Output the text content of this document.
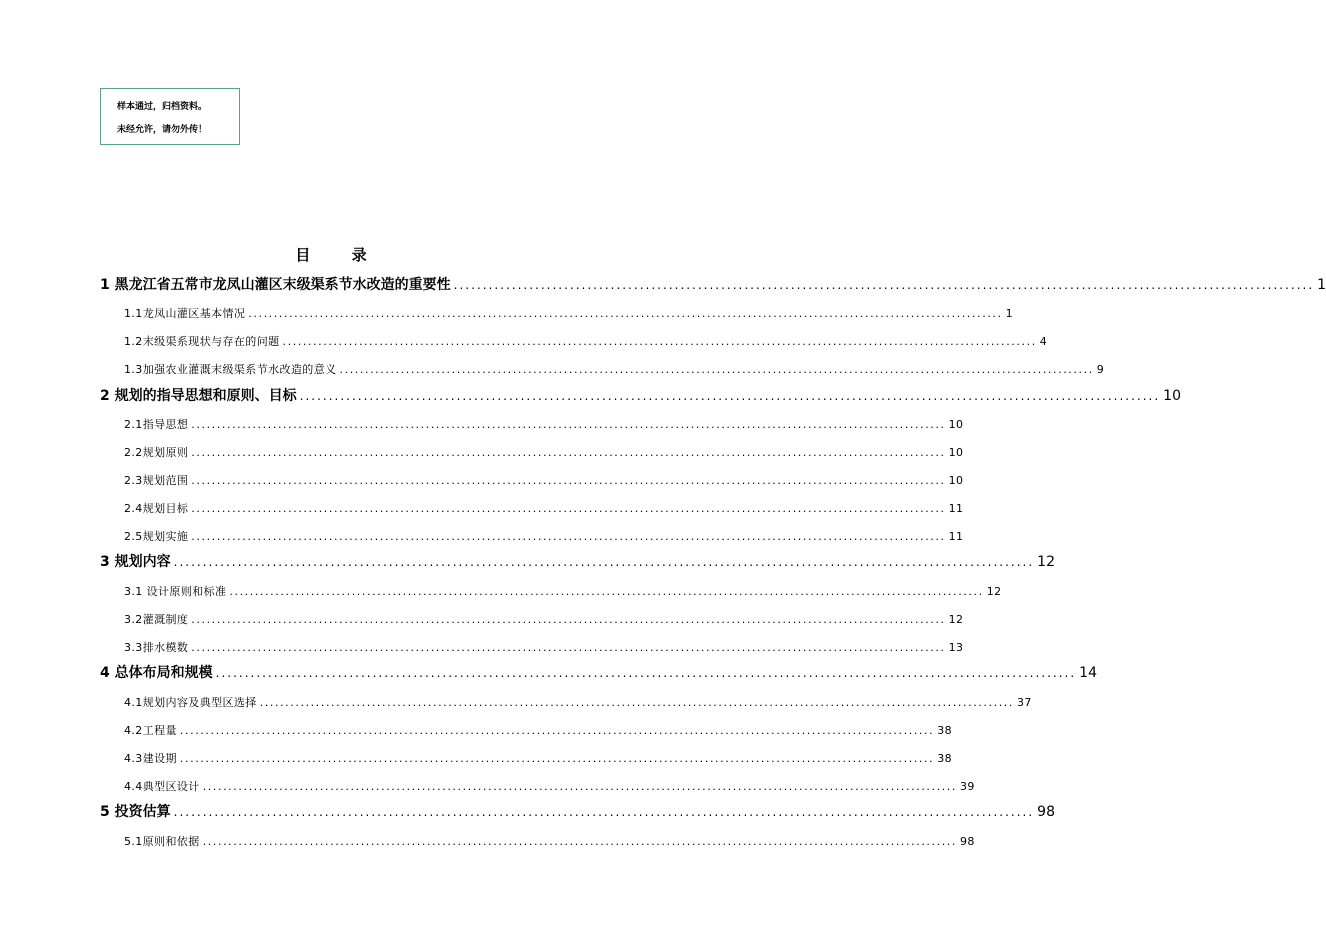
样本通过，归档资料。
未经允许，请勿外传！
目 录
1 黑龙江省五常市龙凤山灌区末级渠系节水改造的重要性 .................................................................................................................................................... 1
1.1龙凤山灌区基本情况 .................................................................................................................................................... 1
1.2末级渠系现状与存在的问题 .................................................................................................................................................... 4
1.3加强农业灌溉末级渠系节水改造的意义 .................................................................................................................................................... 9
2 规划的指导思想和原则、目标 .................................................................................................................................................... 10
2.1指导思想 .................................................................................................................................................... 10
2.2规划原则 .................................................................................................................................................... 10
2.3规划范围 .................................................................................................................................................... 10
2.4规划目标 .................................................................................................................................................... 11
2.5规划实施 .................................................................................................................................................... 11
3 规划内容 .................................................................................................................................................... 12
3.1 设计原则和标准 .................................................................................................................................................... 12
3.2灌溉制度 .................................................................................................................................................... 12
3.3排水模数 .................................................................................................................................................... 13
4 总体布局和规模 .................................................................................................................................................... 14
4.1规划内容及典型区选择 .................................................................................................................................................... 37
4.2工程量 .................................................................................................................................................... 38
4.3建设期 .................................................................................................................................................... 38
4.4典型区设计 .................................................................................................................................................... 39
5 投资估算 .................................................................................................................................................... 98
5.1原则和依据 .................................................................................................................................................... 98
